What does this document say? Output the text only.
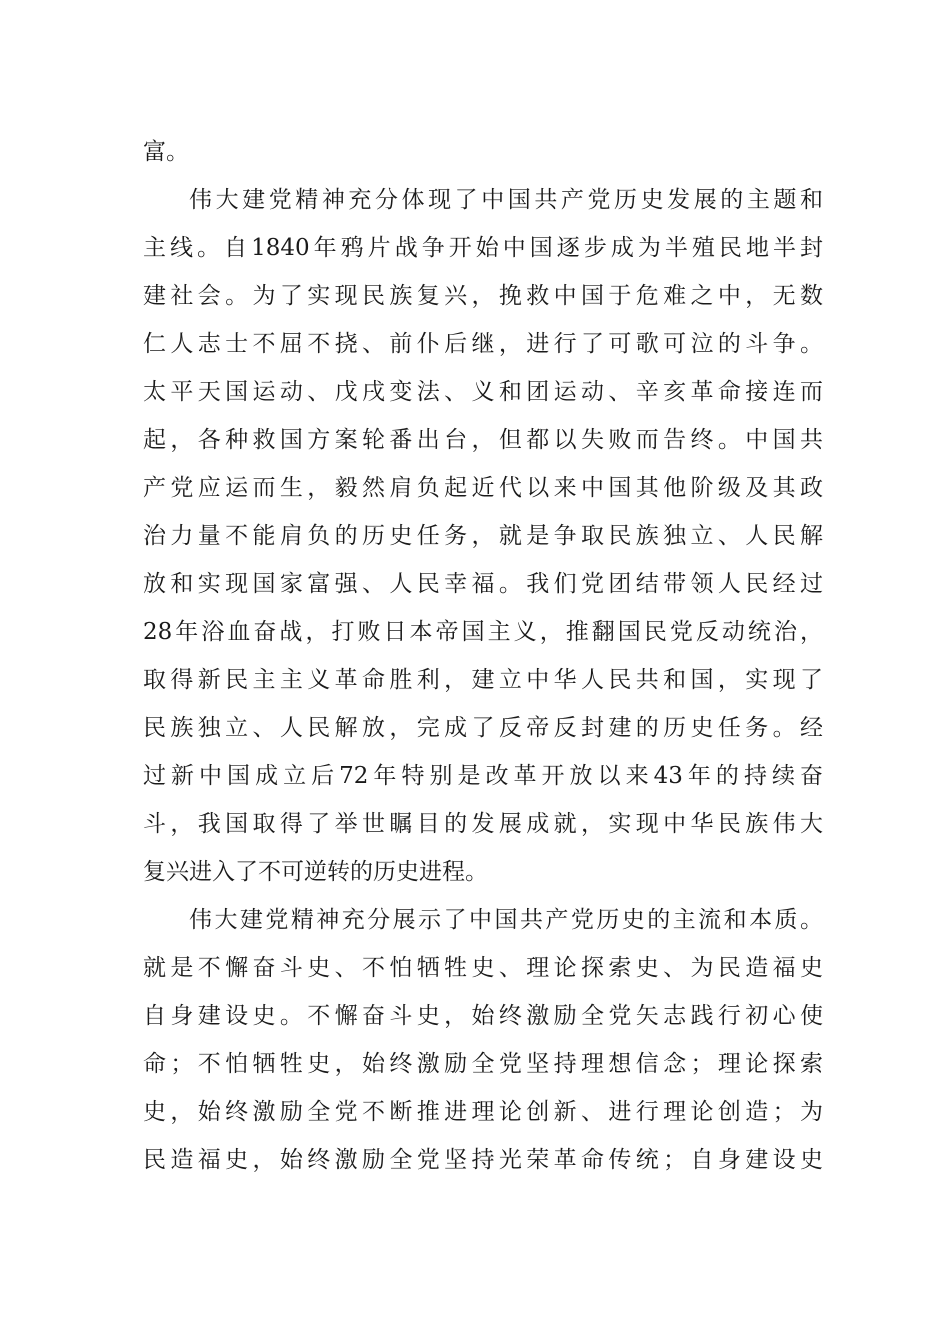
富。
伟大建党精神充分体现了中国共产党历史发展的主题和
主线。自1840年鸦片战争开始中国逐步成为半殖民地半封
建社会。为了实现民族复兴，挽救中国于危难之中，无数
仁人志士不屈不挠、前仆后继，进行了可歌可泣的斗争。
太平天国运动、戊戌变法、义和团运动、辛亥革命接连而
起，各种救国方案轮番出台，但都以失败而告终。中国共
产党应运而生，毅然肩负起近代以来中国其他阶级及其政
治力量不能肩负的历史任务，就是争取民族独立、人民解
放和实现国家富强、人民幸福。我们党团结带领人民经过
28年浴血奋战，打败日本帝国主义，推翻国民党反动统治，
取得新民主主义革命胜利，建立中华人民共和国，实现了
民族独立、人民解放，完成了反帝反封建的历史任务。经
过新中国成立后72年特别是改革开放以来43年的持续奋
斗，我国取得了举世瞩目的发展成就，实现中华民族伟大
复兴进入了不可逆转的历史进程。
伟大建党精神充分展示了中国共产党历史的主流和本质。
就是不懈奋斗史、不怕牺牲史、理论探索史、为民造福史
自身建设史。不懈奋斗史，始终激励全党矢志践行初心使
命；不怕牺牲史，始终激励全党坚持理想信念；理论探索
史，始终激励全党不断推进理论创新、进行理论创造；为
民造福史，始终激励全党坚持光荣革命传统；自身建设史
